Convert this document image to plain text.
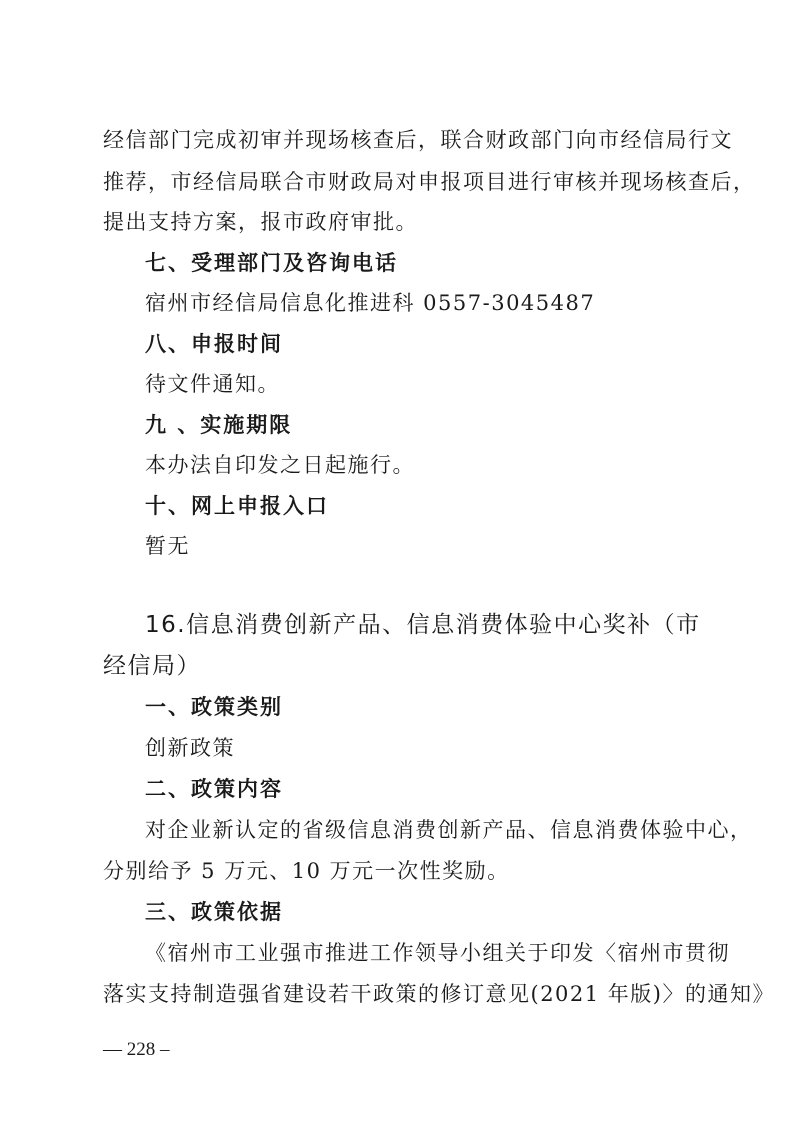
经信部门完成初审并现场核查后，联合财政部门向市经信局行文
推荐，市经信局联合市财政局对申报项目进行审核并现场核查后，
提出支持方案，报市政府审批。
七、受理部门及咨询电话
宿州市经信局信息化推进科 0557-3045487
八、申报时间
待文件通知。
九 、实施期限
本办法自印发之日起施行。
十、网上申报入口
暂无
16.信息消费创新产品、信息消费体验中心奖补（市
经信局）
一、政策类别
创新政策
二、政策内容
对企业新认定的省级信息消费创新产品、信息消费体验中心，
分别给予 5 万元、10 万元一次性奖励。
三、政策依据
《宿州市工业强市推进工作领导小组关于印发〈宿州市贯彻
落实支持制造强省建设若干政策的修订意见(2021 年版)〉的通知》
— 228 –
